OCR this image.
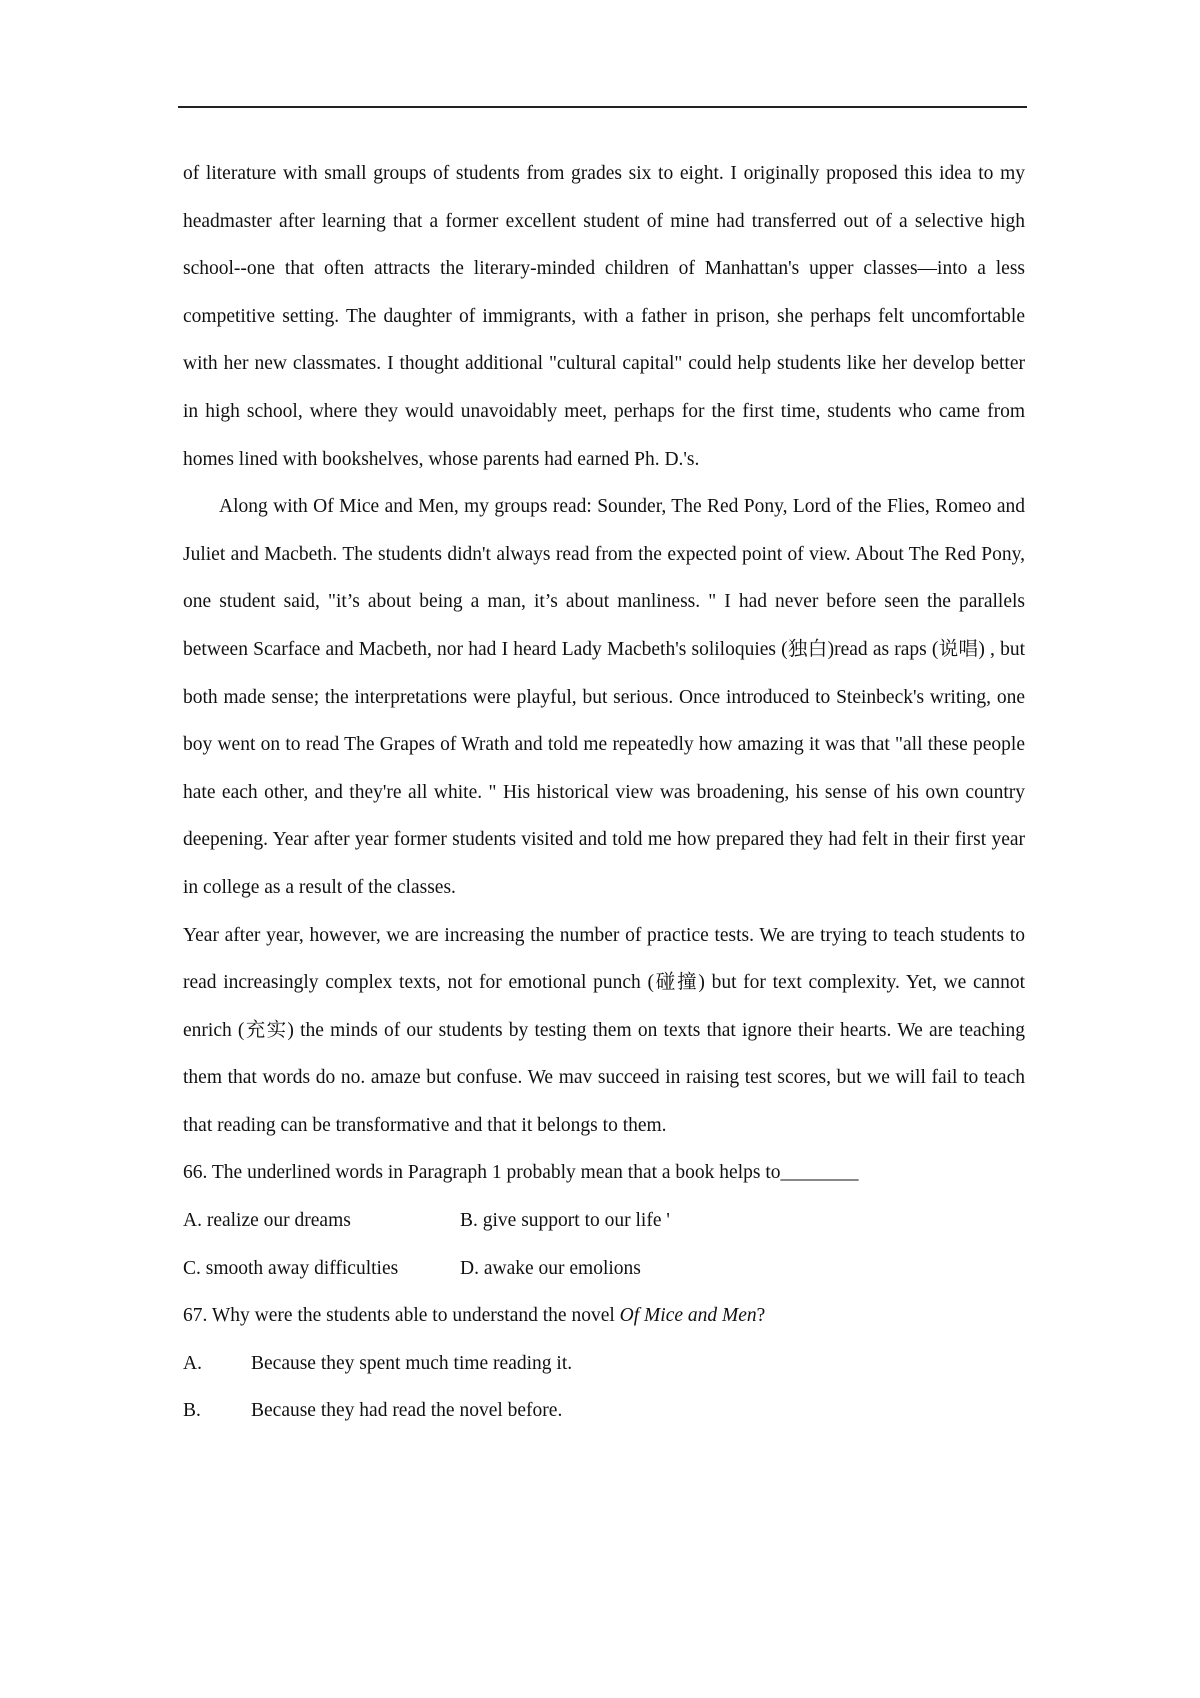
of literature with small groups of students from grades six to eight. I originally proposed this idea to my headmaster after learning that a former excellent student of mine had transferred out of a selective high school--one that often attracts the literary-minded children of Manhattan's upper classes—into a less competitive setting. The daughter of immigrants, with a father in prison, she perhaps felt uncomfortable with her new classmates. I thought additional "cultural capital" could help students like her develop better in high school, where they would unavoidably meet, perhaps for the first time, students who came from homes lined with bookshelves, whose parents had earned Ph. D.'s.

Along with Of Mice and Men, my groups read: Sounder, The Red Pony, Lord of the Flies, Romeo and Juliet and Macbeth. The students didn't always read from the expected point of view. About The Red Pony, one student said, "it’s about being a man, it’s about manliness. " I had never before seen the parallels between Scarface and Macbeth, nor had I heard Lady Macbeth's soliloquies (独白)read as raps (说唱) , but both made sense; the interpretations were playful, but serious. Once introduced to Steinbeck's writing, one boy went on to read The Grapes of Wrath and told me repeatedly how amazing it was that "all these people hate each other, and they're all white. " His historical view was broadening, his sense of his own country deepening. Year after year former students visited and told me how prepared they had felt in their first year in college as a result of the classes.

Year after year, however, we are increasing the number of practice tests. We are trying to teach students to read increasingly complex texts, not for emotional punch (碰撞) but for text complexity. Yet, we cannot enrich (充实) the minds of our students by testing them on texts that ignore their hearts. We are teaching them that words do no. amaze but confuse. We mav succeed in raising test scores, but we will fail to teach that reading can be transformative and that it belongs to them.

66. The underlined words in Paragraph 1 probably mean that a book helps to________

A. realize our dreams	B. give support to our life '

C. smooth away difficulties	D. awake our emolions

67. Why were the students able to understand the novel Of Mice and Men?

A.	Because they spent much time reading it.

B.	Because they had read the novel before.
